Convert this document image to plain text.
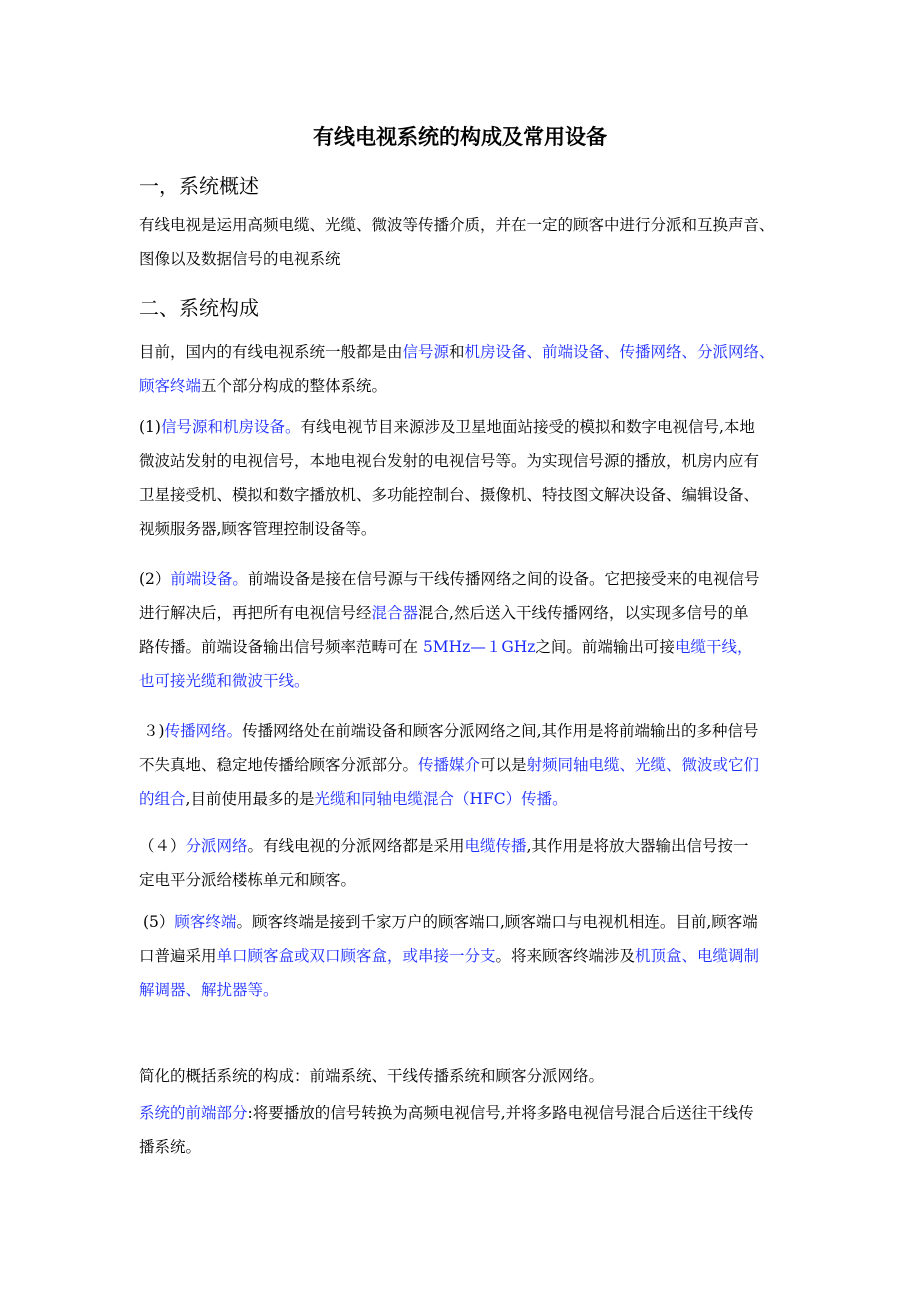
有线电视系统的构成及常用设备
一，系统概述
有线电视是运用高频电缆、光缆、微波等传播介质，并在一定的顾客中进行分派和互换声音、
图像以及数据信号的电视系统
二、系统构成
目前，国内的有线电视系统一般都是由信号源和机房设备、前端设备、传播网络、分派网络、
顾客终端五个部分构成的整体系统。
(1)信号源和机房设备。有线电视节目来源涉及卫星地面站接受的模拟和数字电视信号,本地
微波站发射的电视信号，本地电视台发射的电视信号等。为实现信号源的播放，机房内应有
卫星接受机、模拟和数字播放机、多功能控制台、摄像机、特技图文解决设备、编辑设备、
视频服务器,顾客管理控制设备等。
(2）前端设备。前端设备是接在信号源与干线传播网络之间的设备。它把接受来的电视信号
进行解决后，再把所有电视信号经混合器混合,然后送入干线传播网络，以实现多信号的单
路传播。前端设备输出信号频率范畴可在 5MHz—１GHz之间。前端输出可接电缆干线，
也可接光缆和微波干线。
３)传播网络。传播网络处在前端设备和顾客分派网络之间,其作用是将前端输出的多种信号
不失真地、稳定地传播给顾客分派部分。传播媒介可以是射频同轴电缆、光缆、微波或它们
的组合,目前使用最多的是光缆和同轴电缆混合（HFC）传播。
（４）分派网络。有线电视的分派网络都是采用电缆传播,其作用是将放大器输出信号按一
定电平分派给楼栋单元和顾客。
(5）顾客终端。顾客终端是接到千家万户的顾客端口,顾客端口与电视机相连。目前,顾客端
口普遍采用单口顾客盒或双口顾客盒，或串接一分支。将来顾客终端涉及机顶盒、电缆调制
解调器、解扰器等。
简化的概括系统的构成：前端系统、干线传播系统和顾客分派网络。
系统的前端部分:将要播放的信号转换为高频电视信号,并将多路电视信号混合后送往干线传
播系统。
